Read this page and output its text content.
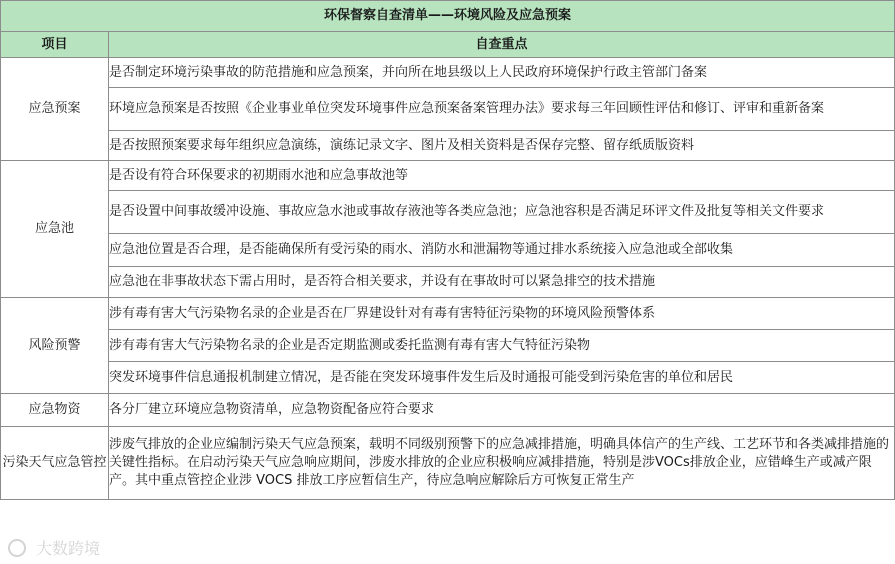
环保督察自查清单——环境风险及应急预案	
项目	自查重点
应急预案	是否制定环境污染事故的防范措施和应急预案，并向所在地县级以上人民政府环境保护行政主管部门备案
	环境应急预案是否按照《企业事业单位突发环境事件应急预案备案管理办法》要求每三年回顾性评估和修订、评审和重新备案
	是否按照预案要求每年组织应急演练，演练记录文字、图片及相关资料是否保存完整、留存纸质版资料
应急池	是否设有符合环保要求的初期雨水池和应急事故池等
	是否设置中间事故缓冲设施、事故应急水池或事故存液池等各类应急池；应急池容积是否满足环评文件及批复等相关文件要求
	应急池位置是否合理，是否能确保所有受污染的雨水、消防水和泄漏物等通过排水系统接入应急池或全部收集
	应急池在非事故状态下需占用时，是否符合相关要求，并设有在事故时可以紧急排空的技术措施
风险预警	涉有毒有害大气污染物名录的企业是否在厂界建设针对有毒有害特征污染物的环境风险预警体系
	涉有毒有害大气污染物名录的企业是否定期监测或委托监测有毒有害大气特征污染物
	突发环境事件信息通报机制建立情况，是否能在突发环境事件发生后及时通报可能受到污染危害的单位和居民
应急物资	各分厂建立环境应急物资清单，应急物资配备应符合要求
污染天气应急管控	涉废气排放的企业应编制污染天气应急预案，载明不同级别预警下的应急减排措施，明确具体信产的生产线、工艺环节和各类减排措施的关键性指标。在启动污染天气应急响应期间，涉废水排放的企业应积极响应减排措施，特别是涉VOCs排放企业，应错峰生产或减产限产。其中重点管控企业涉 VOCS 排放工序应暂信生产，待应急响应解除后方可恢复正常生产
大数跨境
